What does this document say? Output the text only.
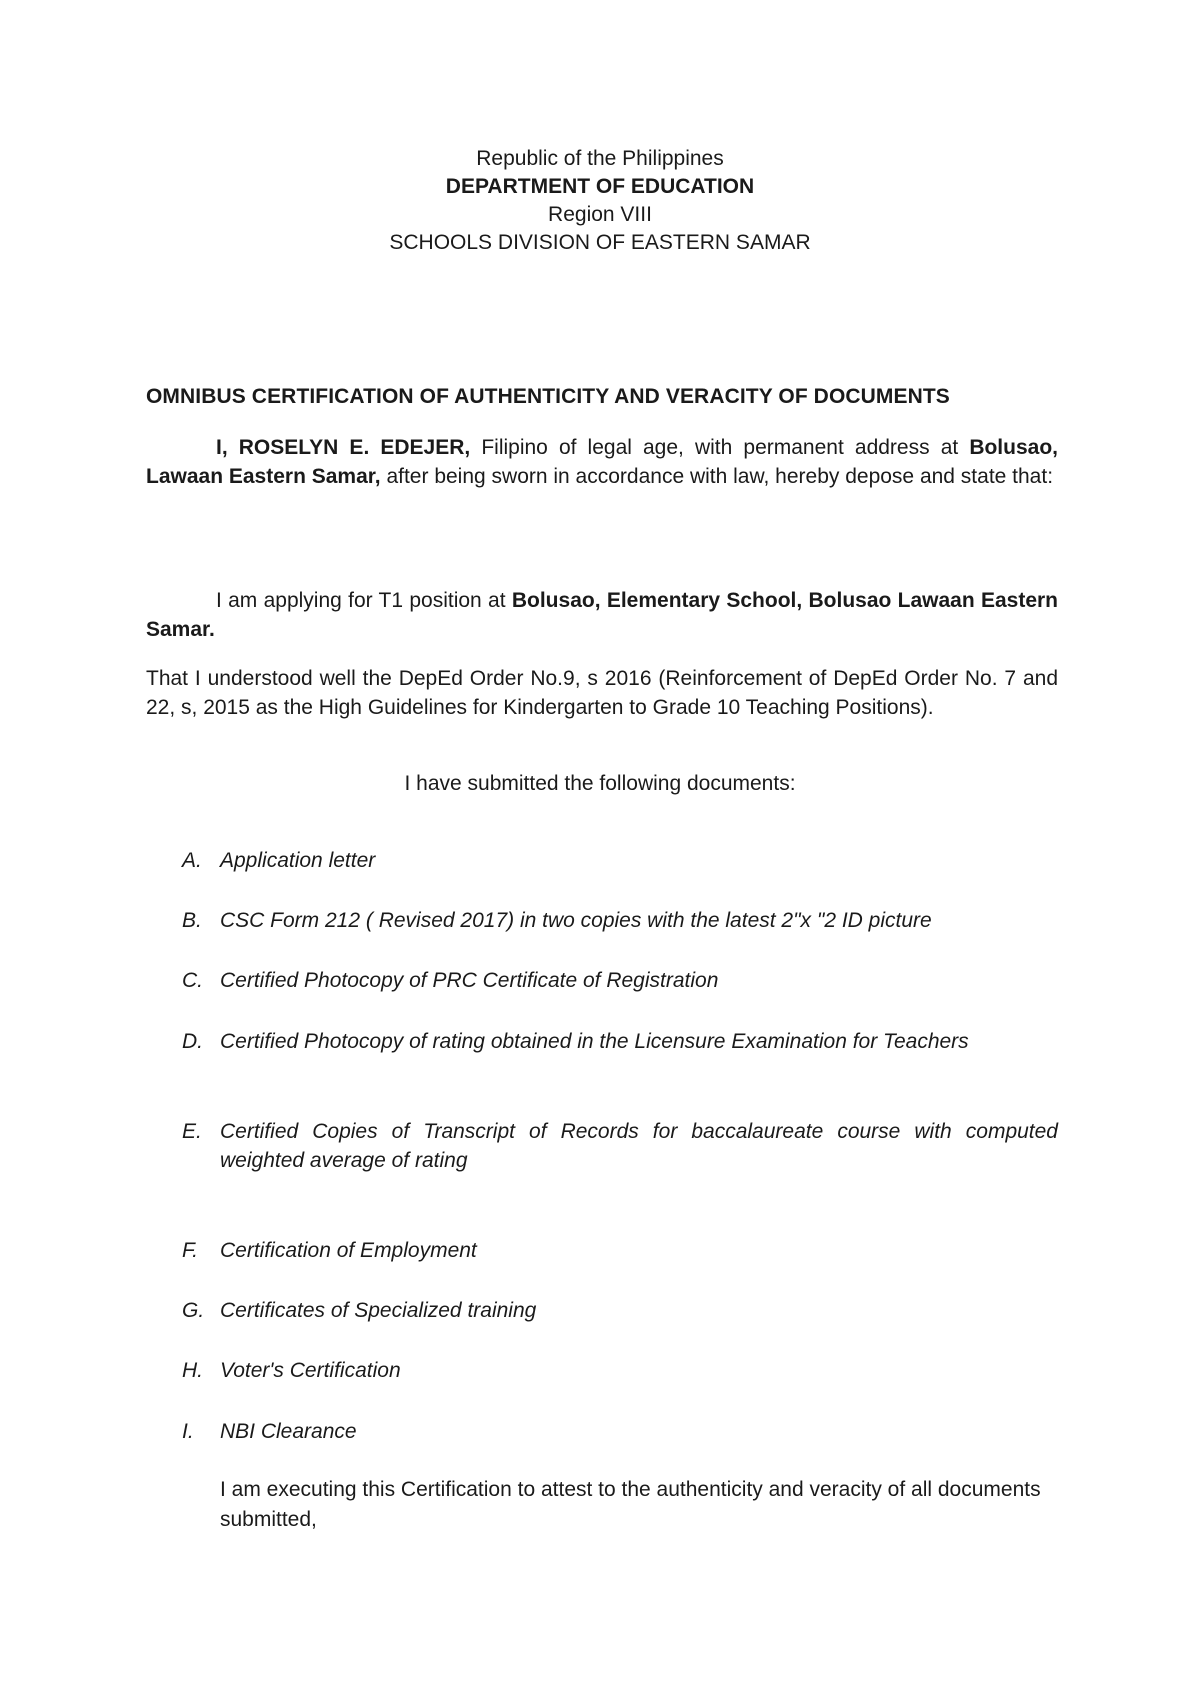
Republic of the Philippines
DEPARTMENT OF EDUCATION
Region VIII
SCHOOLS DIVISION OF EASTERN SAMAR
OMNIBUS CERTIFICATION OF AUTHENTICITY AND VERACITY OF DOCUMENTS
I, ROSELYN E. EDEJER, Filipino of legal age, with permanent address at Bolusao, Lawaan Eastern Samar, after being sworn in accordance with law, hereby depose and state that:
I am applying for T1 position at Bolusao, Elementary School, Bolusao Lawaan Eastern Samar.
That I understood well the DepEd Order No.9, s 2016 (Reinforcement of DepEd Order No. 7 and 22, s, 2015 as the High Guidelines for Kindergarten to Grade 10 Teaching Positions).
I have submitted the following documents:
A. Application letter
B. CSC Form 212 ( Revised 2017) in two copies with the latest 2"x "2 ID picture
C. Certified Photocopy of PRC Certificate of Registration
D. Certified Photocopy of rating obtained in the Licensure Examination for Teachers
E. Certified Copies of Transcript of Records for baccalaureate course with computed weighted average of rating
F.	Certification of Employment
G. Certificates of Specialized training
H. Voter's Certification
I.	NBI Clearance
I am executing this Certification to attest to the authenticity and veracity of all documents submitted,
